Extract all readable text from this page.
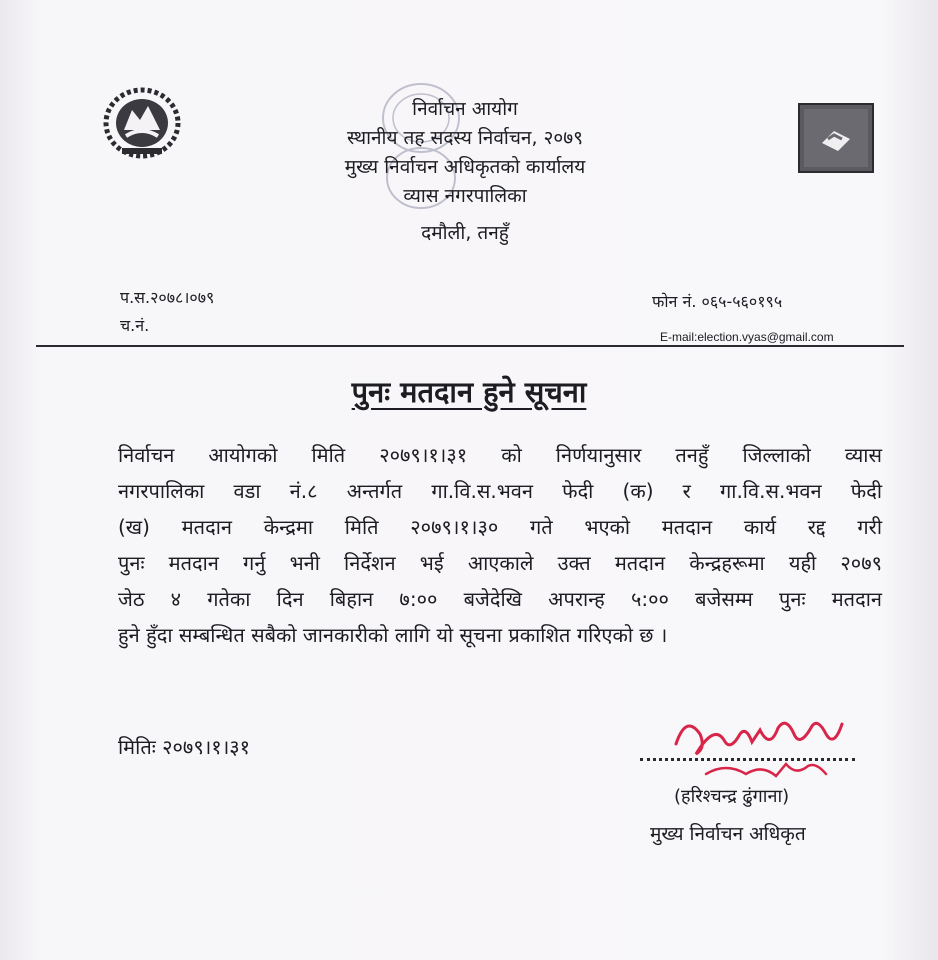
निर्वाचन आयोग
स्थानीय तह सदस्य निर्वाचन, २०७९
मुख्य निर्वाचन अधिकृतको कार्यालय
व्यास नगरपालिका
दमौली, तनहुँ
प.स.२०७८।०७९
च.नं.
फोन नं. ०६५-५६०१९५
E-mail:election.vyas@gmail.com
पुनः मतदान हुने सूचना

निर्वाचन आयोगको मिति २०७९।१।३१ को निर्णयानुसार तनहुँ जिल्लाको व्यास

नगरपालिका वडा नं.८ अन्तर्गत गा.वि.स.भवन फेदी (क) र गा.वि.स.भवन फेदी

(ख) मतदान केन्द्रमा मिति २०७९।१।३० गते भएको मतदान कार्य रद्द गरी

पुनः मतदान गर्नु भनी निर्देशन भई आएकाले उक्त मतदान केन्द्रहरूमा यही २०७९

जेठ ४ गतेका दिन बिहान ७:०० बजेदेखि अपरान्ह ५:०० बजेसम्म पुनः मतदान

हुने हुँदा सम्बन्धित सबैको जानकारीको लागि यो सूचना प्रकाशित गरिएको छ ।

मितिः २०७९।१।३१
(हरिश्चन्द्र ढुंगाना)
मुख्य निर्वाचन अधिकृत
